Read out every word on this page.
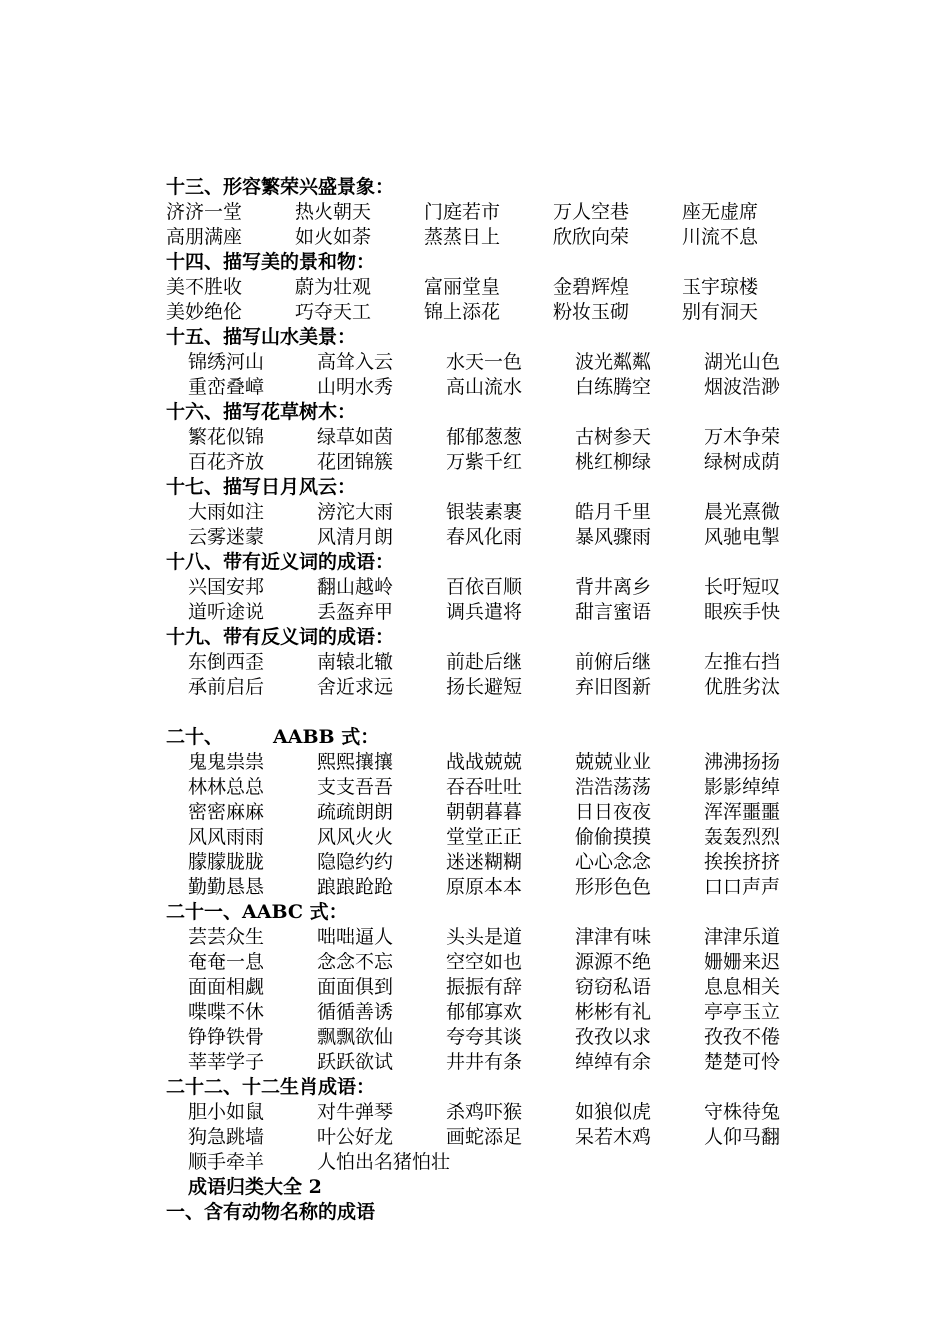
十三、形容繁荣兴盛景象：
济济一堂	热火朝天	门庭若市	万人空巷	座无虚席
高朋满座	如火如荼	蒸蒸日上	欣欣向荣	川流不息
十四、描写美的景和物：
美不胜收	蔚为壮观	富丽堂皇	金碧辉煌	玉宇琼楼
美妙绝伦	巧夺天工	锦上添花	粉妆玉砌	别有洞天
十五、描写山水美景：
锦绣河山	高耸入云	水天一色	波光粼粼	湖光山色
重峦叠嶂	山明水秀	高山流水	白练腾空	烟波浩渺
十六、描写花草树木：
繁花似锦	绿草如茵	郁郁葱葱	古树参天	万木争荣
百花齐放	花团锦簇	万紫千红	桃红柳绿	绿树成荫
十七、描写日月风云：
大雨如注	滂沱大雨	银装素裹	皓月千里	晨光熹微
云雾迷蒙	风清月朗	春风化雨	暴风骤雨	风驰电掣
十八、带有近义词的成语：
兴国安邦	翻山越岭	百依百顺	背井离乡	长吁短叹
道听途说	丢盔弃甲	调兵遣将	甜言蜜语	眼疾手快
十九、带有反义词的成语：
东倒西歪	南辕北辙	前赴后继	前俯后继	左推右挡
承前启后	舍近求远	扬长避短	弃旧图新	优胜劣汰
二十、	AABB 式：
鬼鬼祟祟	熙熙攘攘	战战兢兢	兢兢业业	沸沸扬扬
林林总总	支支吾吾	吞吞吐吐	浩浩荡荡	影影绰绰
密密麻麻	疏疏朗朗	朝朝暮暮	日日夜夜	浑浑噩噩
风风雨雨	风风火火	堂堂正正	偷偷摸摸	轰轰烈烈
朦朦胧胧	隐隐约约	迷迷糊糊	心心念念	挨挨挤挤
勤勤恳恳	踉踉跄跄	原原本本	形形色色	口口声声
二十一、AABC 式：
芸芸众生	咄咄逼人	头头是道	津津有味	津津乐道
奄奄一息	念念不忘	空空如也	源源不绝	姗姗来迟
面面相觑	面面俱到	振振有辞	窃窃私语	息息相关
喋喋不休	循循善诱	郁郁寡欢	彬彬有礼	亭亭玉立
铮铮铁骨	飘飘欲仙	夸夸其谈	孜孜以求	孜孜不倦
莘莘学子	跃跃欲试	井井有条	绰绰有余	楚楚可怜
二十二、十二生肖成语：
胆小如鼠	对牛弹琴	杀鸡吓猴	如狼似虎	守株待兔
狗急跳墙	叶公好龙	画蛇添足	呆若木鸡	人仰马翻
顺手牵羊	人怕出名猪怕壮
成语归类大全 2
一、含有动物名称的成语
